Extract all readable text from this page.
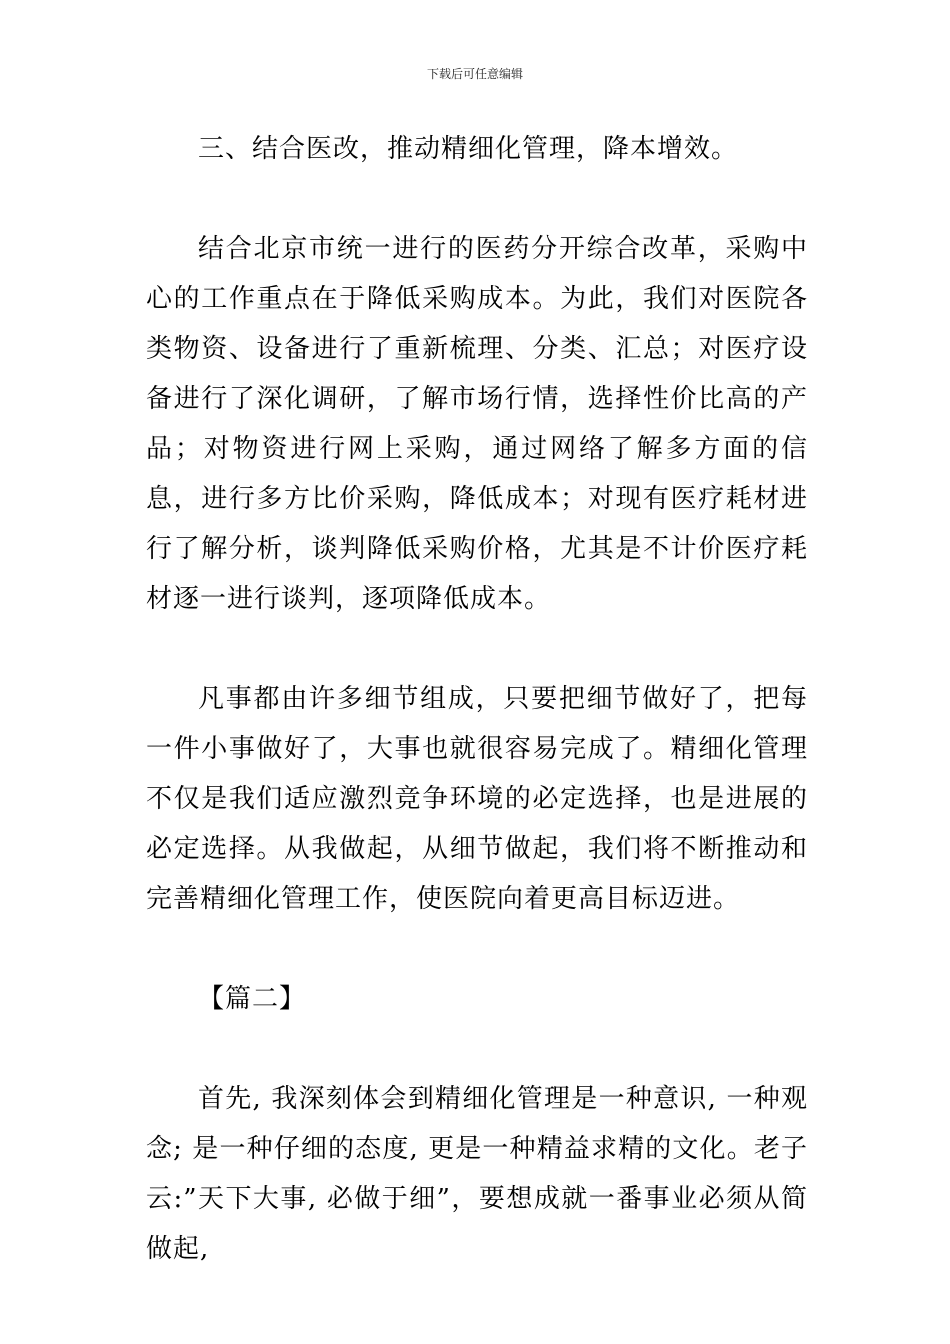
下载后可任意编辑

三、结合医改，推动精细化管理，降本增效。

结合北京市统一进行的医药分开综合改革，采购中心的工作重点在于降低采购成本。为此，我们对医院各类物资、设备进行了重新梳理、分类、汇总；对医疗设备进行了深化调研，了解市场行情，选择性价比高的产品；对物资进行网上采购，通过网络了解多方面的信息，进行多方比价采购，降低成本；对现有医疗耗材进行了解分析，谈判降低采购价格，尤其是不计价医疗耗材逐一进行谈判，逐项降低成本。

凡事都由许多细节组成，只要把细节做好了，把每一件小事做好了，大事也就很容易完成了。精细化管理不仅是我们适应激烈竞争环境的必定选择，也是进展的必定选择。从我做起，从细节做起，我们将不断推动和完善精细化管理工作，使医院向着更高目标迈进。

【篇二】

首先, 我深刻体会到精细化管理是一种意识, 一种观念; 是一种仔细的态度, 更是一种精益求精的文化。老子云:”天下大事, 必做于细”，要想成就一番事业必须从简做起,
